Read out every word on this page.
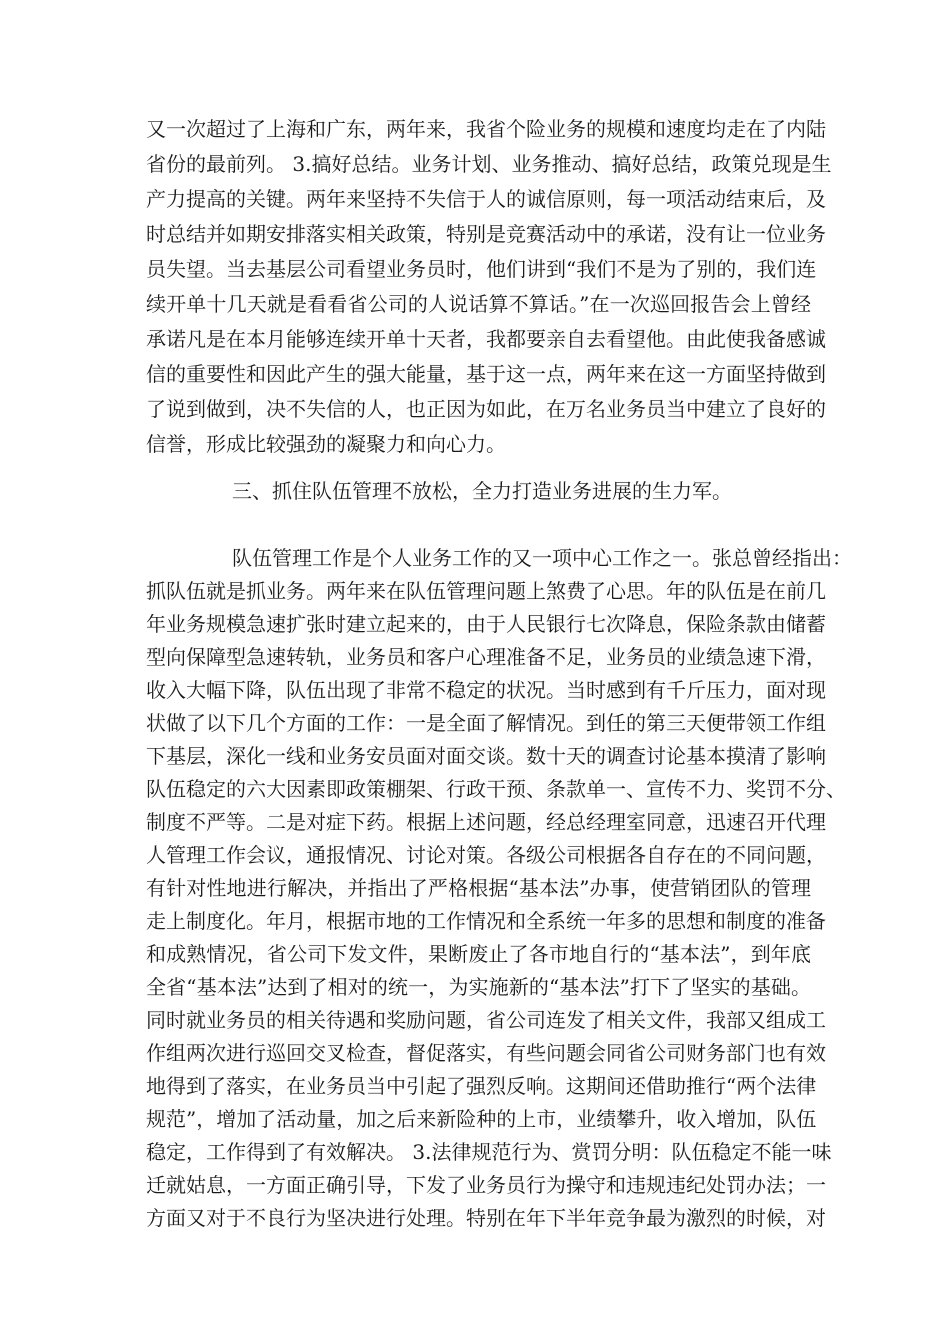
又一次超过了上海和广东，两年来，我省个险业务的规模和速度均走在了内陆
省份的最前列。 3.搞好总结。业务计划、业务推动、搞好总结，政策兑现是生
产力提高的关键。两年来坚持不失信于人的诚信原则，每一项活动结束后，及
时总结并如期安排落实相关政策，特别是竞赛活动中的承诺，没有让一位业务
员失望。当去基层公司看望业务员时，他们讲到“我们不是为了别的，我们连
续开单十几天就是看看省公司的人说话算不算话。”在一次巡回报告会上曾经
承诺凡是在本月能够连续开单十天者，我都要亲自去看望他。由此使我备感诚
信的重要性和因此产生的强大能量，基于这一点，两年来在这一方面坚持做到
了说到做到，决不失信的人，也正因为如此，在万名业务员当中建立了良好的
信誉，形成比较强劲的凝聚力和向心力。
三、抓住队伍管理不放松，全力打造业务进展的生力军。
队伍管理工作是个人业务工作的又一项中心工作之一。张总曾经指出：
抓队伍就是抓业务。两年来在队伍管理问题上煞费了心思。年的队伍是在前几
年业务规模急速扩张时建立起来的，由于人民银行七次降息，保险条款由储蓄
型向保障型急速转轨，业务员和客户心理准备不足，业务员的业绩急速下滑，
收入大幅下降，队伍出现了非常不稳定的状况。当时感到有千斤压力，面对现
状做了以下几个方面的工作：一是全面了解情况。到任的第三天便带领工作组
下基层，深化一线和业务安员面对面交谈。数十天的调查讨论基本摸清了影响
队伍稳定的六大因素即政策棚架、行政干预、条款单一、宣传不力、奖罚不分、
制度不严等。二是对症下药。根据上述问题，经总经理室同意，迅速召开代理
人管理工作会议，通报情况、讨论对策。各级公司根据各自存在的不同问题，
有针对性地进行解决，并指出了严格根据“基本法”办事，使营销团队的管理
走上制度化。年月，根据市地的工作情况和全系统一年多的思想和制度的准备
和成熟情况，省公司下发文件，果断废止了各市地自行的“基本法”，到年底
全省“基本法”达到了相对的统一，为实施新的“基本法”打下了坚实的基础。
同时就业务员的相关待遇和奖励问题，省公司连发了相关文件，我部又组成工
作组两次进行巡回交叉检查，督促落实，有些问题会同省公司财务部门也有效
地得到了落实，在业务员当中引起了强烈反响。这期间还借助推行“两个法律
规范”，增加了活动量，加之后来新险种的上市，业绩攀升，收入增加，队伍
稳定，工作得到了有效解决。 3.法律规范行为、赏罚分明：队伍稳定不能一味
迁就姑息，一方面正确引导，下发了业务员行为操守和违规违纪处罚办法；一
方面又对于不良行为坚决进行处理。特别在年下半年竞争最为激烈的时候，对
